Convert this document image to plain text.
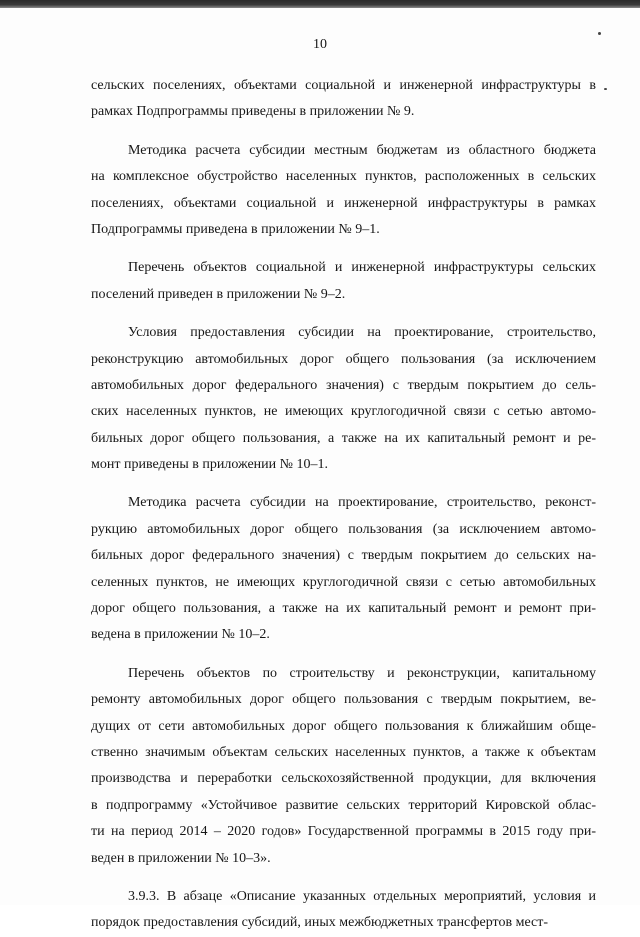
10
сельских поселениях, объектами социальной и инженерной инфраструктуры в
рамках Подпрограммы приведены в приложении № 9.
Методика расчета субсидии местным бюджетам из областного бюджета
на комплексное обустройство населенных пунктов, расположенных в сельских
поселениях, объектами социальной и инженерной инфраструктуры в рамках
Подпрограммы приведена в приложении № 9–1.
Перечень объектов социальной и инженерной инфраструктуры сельских
поселений приведен в приложении № 9–2.
Условия предоставления субсидии на проектирование, строительство,
реконструкцию автомобильных дорог общего пользования (за исключением
автомобильных дорог федерального значения) с твердым покрытием до сель-
ских населенных пунктов, не имеющих круглогодичной связи с сетью автомо-
бильных дорог общего пользования, а также на их капитальный ремонт и ре-
монт приведены в приложении № 10–1.
Методика расчета субсидии на проектирование, строительство, реконст-
рукцию автомобильных дорог общего пользования (за исключением автомо-
бильных дорог федерального значения) с твердым покрытием до сельских на-
селенных пунктов, не имеющих круглогодичной связи с сетью автомобильных
дорог общего пользования, а также на их капитальный ремонт и ремонт при-
ведена в приложении № 10–2.
Перечень объектов по строительству и реконструкции, капитальному
ремонту автомобильных дорог общего пользования с твердым покрытием, ве-
дущих от сети автомобильных дорог общего пользования к ближайшим обще-
ственно значимым объектам сельских населенных пунктов, а также к объектам
производства и переработки сельскохозяйственной продукции, для включения
в подпрограмму «Устойчивое развитие сельских территорий Кировской облас-
ти на период 2014 – 2020 годов» Государственной программы в 2015 году при-
веден в приложении № 10–3».
3.9.3. В абзаце «Описание указанных отдельных мероприятий, условия и
порядок предоставления субсидий, иных межбюджетных трансфертов мест-
